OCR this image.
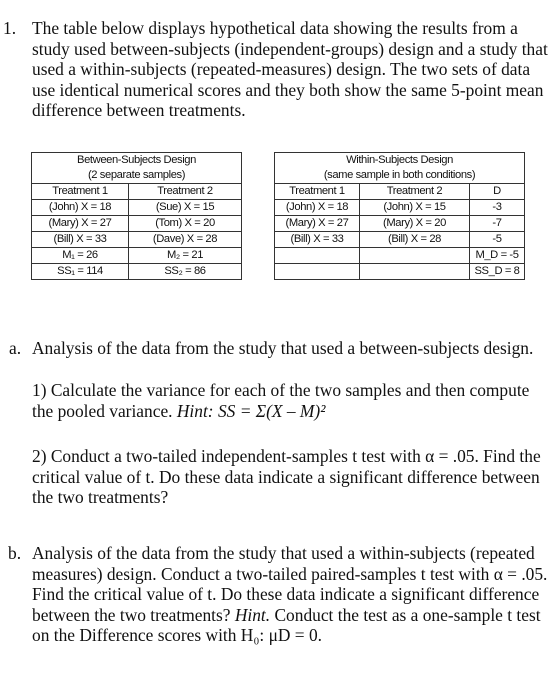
1. The table below displays hypothetical data showing the results from a study used between-subjects (independent-groups) design and a study that used a within-subjects (repeated-measures) design. The two sets of data use identical numerical scores and they both show the same 5-point mean difference between treatments.
Between-Subjects Design	
(2 separate samples)	
Treatment 1	Treatment 2
(John) X = 18	(Sue) X = 15
(Mary) X = 27	(Tom) X = 20
(Bill) X = 33	(Dave) X = 28
M₁ = 26	M₂ = 21
SS₁ = 114	SS₂ = 86
Within-Subjects Design		
(same sample in both conditions)		
Treatment 1	Treatment 2	D
(John) X = 18	(John) X = 15	-3
(Mary) X = 27	(Mary) X = 20	-7
(Bill) X = 33	(Bill) X = 28	-5
		M_D = -5
		SS_D = 8
a. Analysis of the data from the study that used a between-subjects design.
1) Calculate the variance for each of the two samples and then compute the pooled variance. Hint: SS = Σ(X – M)²
2) Conduct a two-tailed independent-samples t test with α = .05. Find the critical value of t. Do these data indicate a significant difference between the two treatments?
b. Analysis of the data from the study that used a within-subjects (repeated measures) design. Conduct a two-tailed paired-samples t test with α = .05. Find the critical value of t. Do these data indicate a significant difference between the two treatments? Hint. Conduct the test as a one-sample t test on the Difference scores with H₀: μD = 0.
